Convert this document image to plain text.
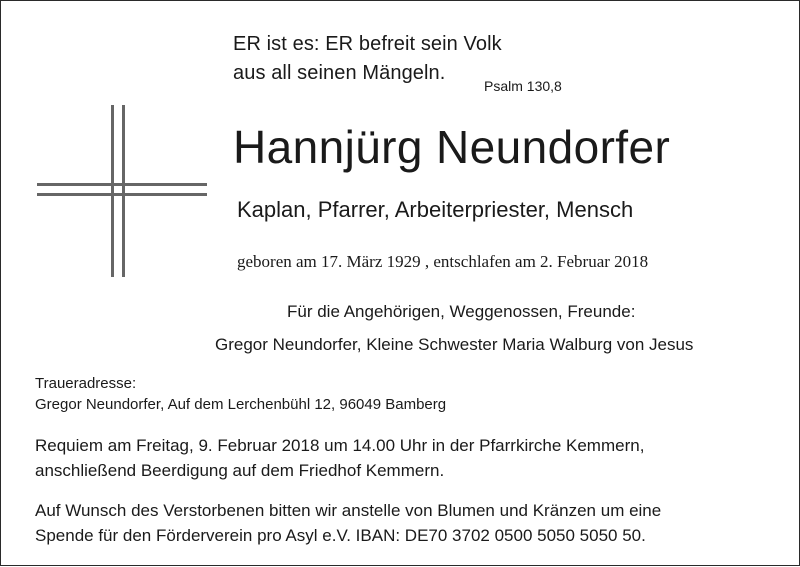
ER ist es: ER befreit sein Volk
aus all seinen Mängeln.
Psalm 130,8
Hannjürg Neundorfer
Kaplan, Pfarrer, Arbeiterpriester, Mensch
geboren am 17. März 1929 , entschlafen am 2. Februar 2018
Für die Angehörigen, Weggenossen, Freunde:
Gregor Neundorfer, Kleine Schwester Maria Walburg von Jesus
Traueradresse:
Gregor Neundorfer, Auf dem Lerchenbühl 12, 96049 Bamberg
Requiem am Freitag, 9. Februar 2018 um 14.00 Uhr in der Pfarrkirche Kemmern,
anschließend Beerdigung auf dem Friedhof Kemmern.
Auf Wunsch des Verstorbenen bitten wir anstelle von Blumen und Kränzen um eine
Spende für den Förderverein pro Asyl e.V. IBAN: DE70 3702 0500 5050 5050 50.
